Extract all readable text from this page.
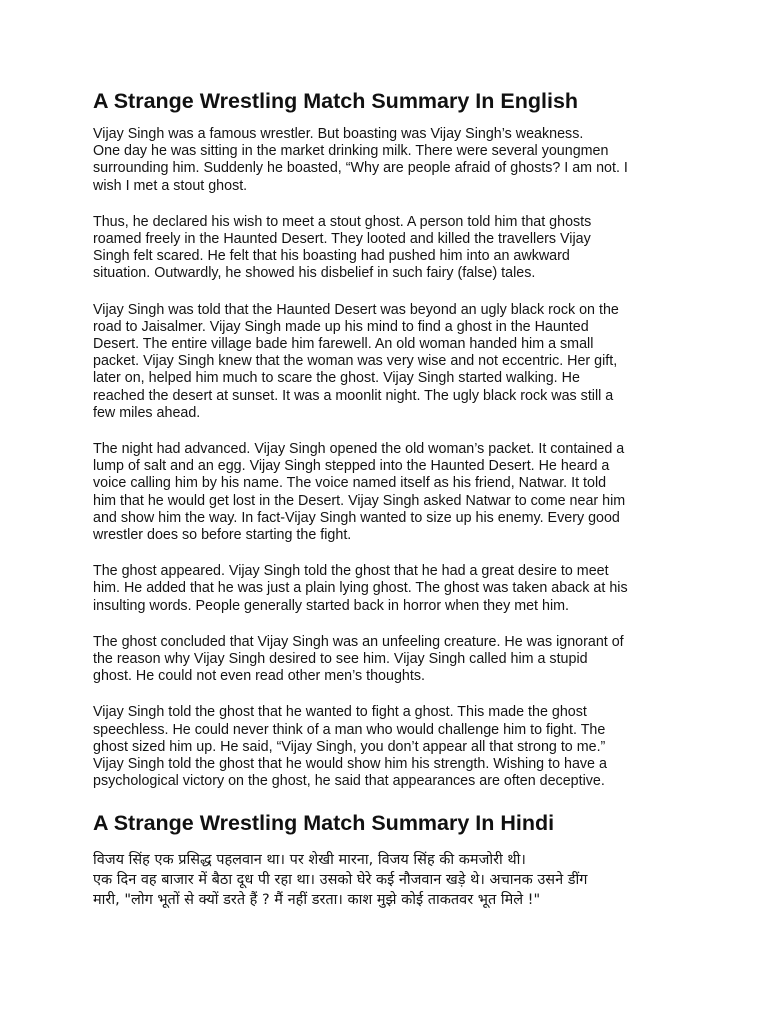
A Strange Wrestling Match Summary In English

Vijay Singh was a famous wrestler. But boasting was Vijay Singh’s weakness.
One day he was sitting in the market drinking milk. There were several youngmen
surrounding him. Suddenly he boasted, “Why are people afraid of ghosts? I am not. I
wish I met a stout ghost.

Thus, he declared his wish to meet a stout ghost. A person told him that ghosts
roamed freely in the Haunted Desert. They looted and killed the travellers Vijay
Singh felt scared. He felt that his boasting had pushed him into an awkward
situation. Outwardly, he showed his disbelief in such fairy (false) tales.

Vijay Singh was told that the Haunted Desert was beyond an ugly black rock on the
road to Jaisalmer. Vijay Singh made up his mind to find a ghost in the Haunted
Desert. The entire village bade him farewell. An old woman handed him a small
packet. Vijay Singh knew that the woman was very wise and not eccentric. Her gift,
later on, helped him much to scare the ghost. Vijay Singh started walking. He
reached the desert at sunset. It was a moonlit night. The ugly black rock was still a
few miles ahead.

The night had advanced. Vijay Singh opened the old woman’s packet. It contained a
lump of salt and an egg. Vijay Singh stepped into the Haunted Desert. He heard a
voice calling him by his name. The voice named itself as his friend, Natwar. It told
him that he would get lost in the Desert. Vijay Singh asked Natwar to come near him
and show him the way. In fact-Vijay Singh wanted to size up his enemy. Every good
wrestler does so before starting the fight.

The ghost appeared. Vijay Singh told the ghost that he had a great desire to meet
him. He added that he was just a plain lying ghost. The ghost was taken aback at his
insulting words. People generally started back in horror when they met him.

The ghost concluded that Vijay Singh was an unfeeling creature. He was ignorant of
the reason why Vijay Singh desired to see him. Vijay Singh called him a stupid
ghost. He could not even read other men’s thoughts.

Vijay Singh told the ghost that he wanted to fight a ghost. This made the ghost
speechless. He could never think of a man who would challenge him to fight. The
ghost sized him up. He said, “Vijay Singh, you don’t appear all that strong to me.”
Vijay Singh told the ghost that he would show him his strength. Wishing to have a
psychological victory on the ghost, he said that appearances are often deceptive.

A Strange Wrestling Match Summary In Hindi

विजय सिंह एक प्रसिद्ध पहलवान था। पर शेखी मारना, विजय सिंह की कमजोरी थी।
एक दिन वह बाजार में बैठा दूध पी रहा था। उसको घेरे कई नौजवान खड़े थे। अचानक उसने डींग
मारी, "लोग भूतों से क्यों डरते हैं ? मैं नहीं डरता। काश मुझे कोई ताकतवर भूत मिले !"
